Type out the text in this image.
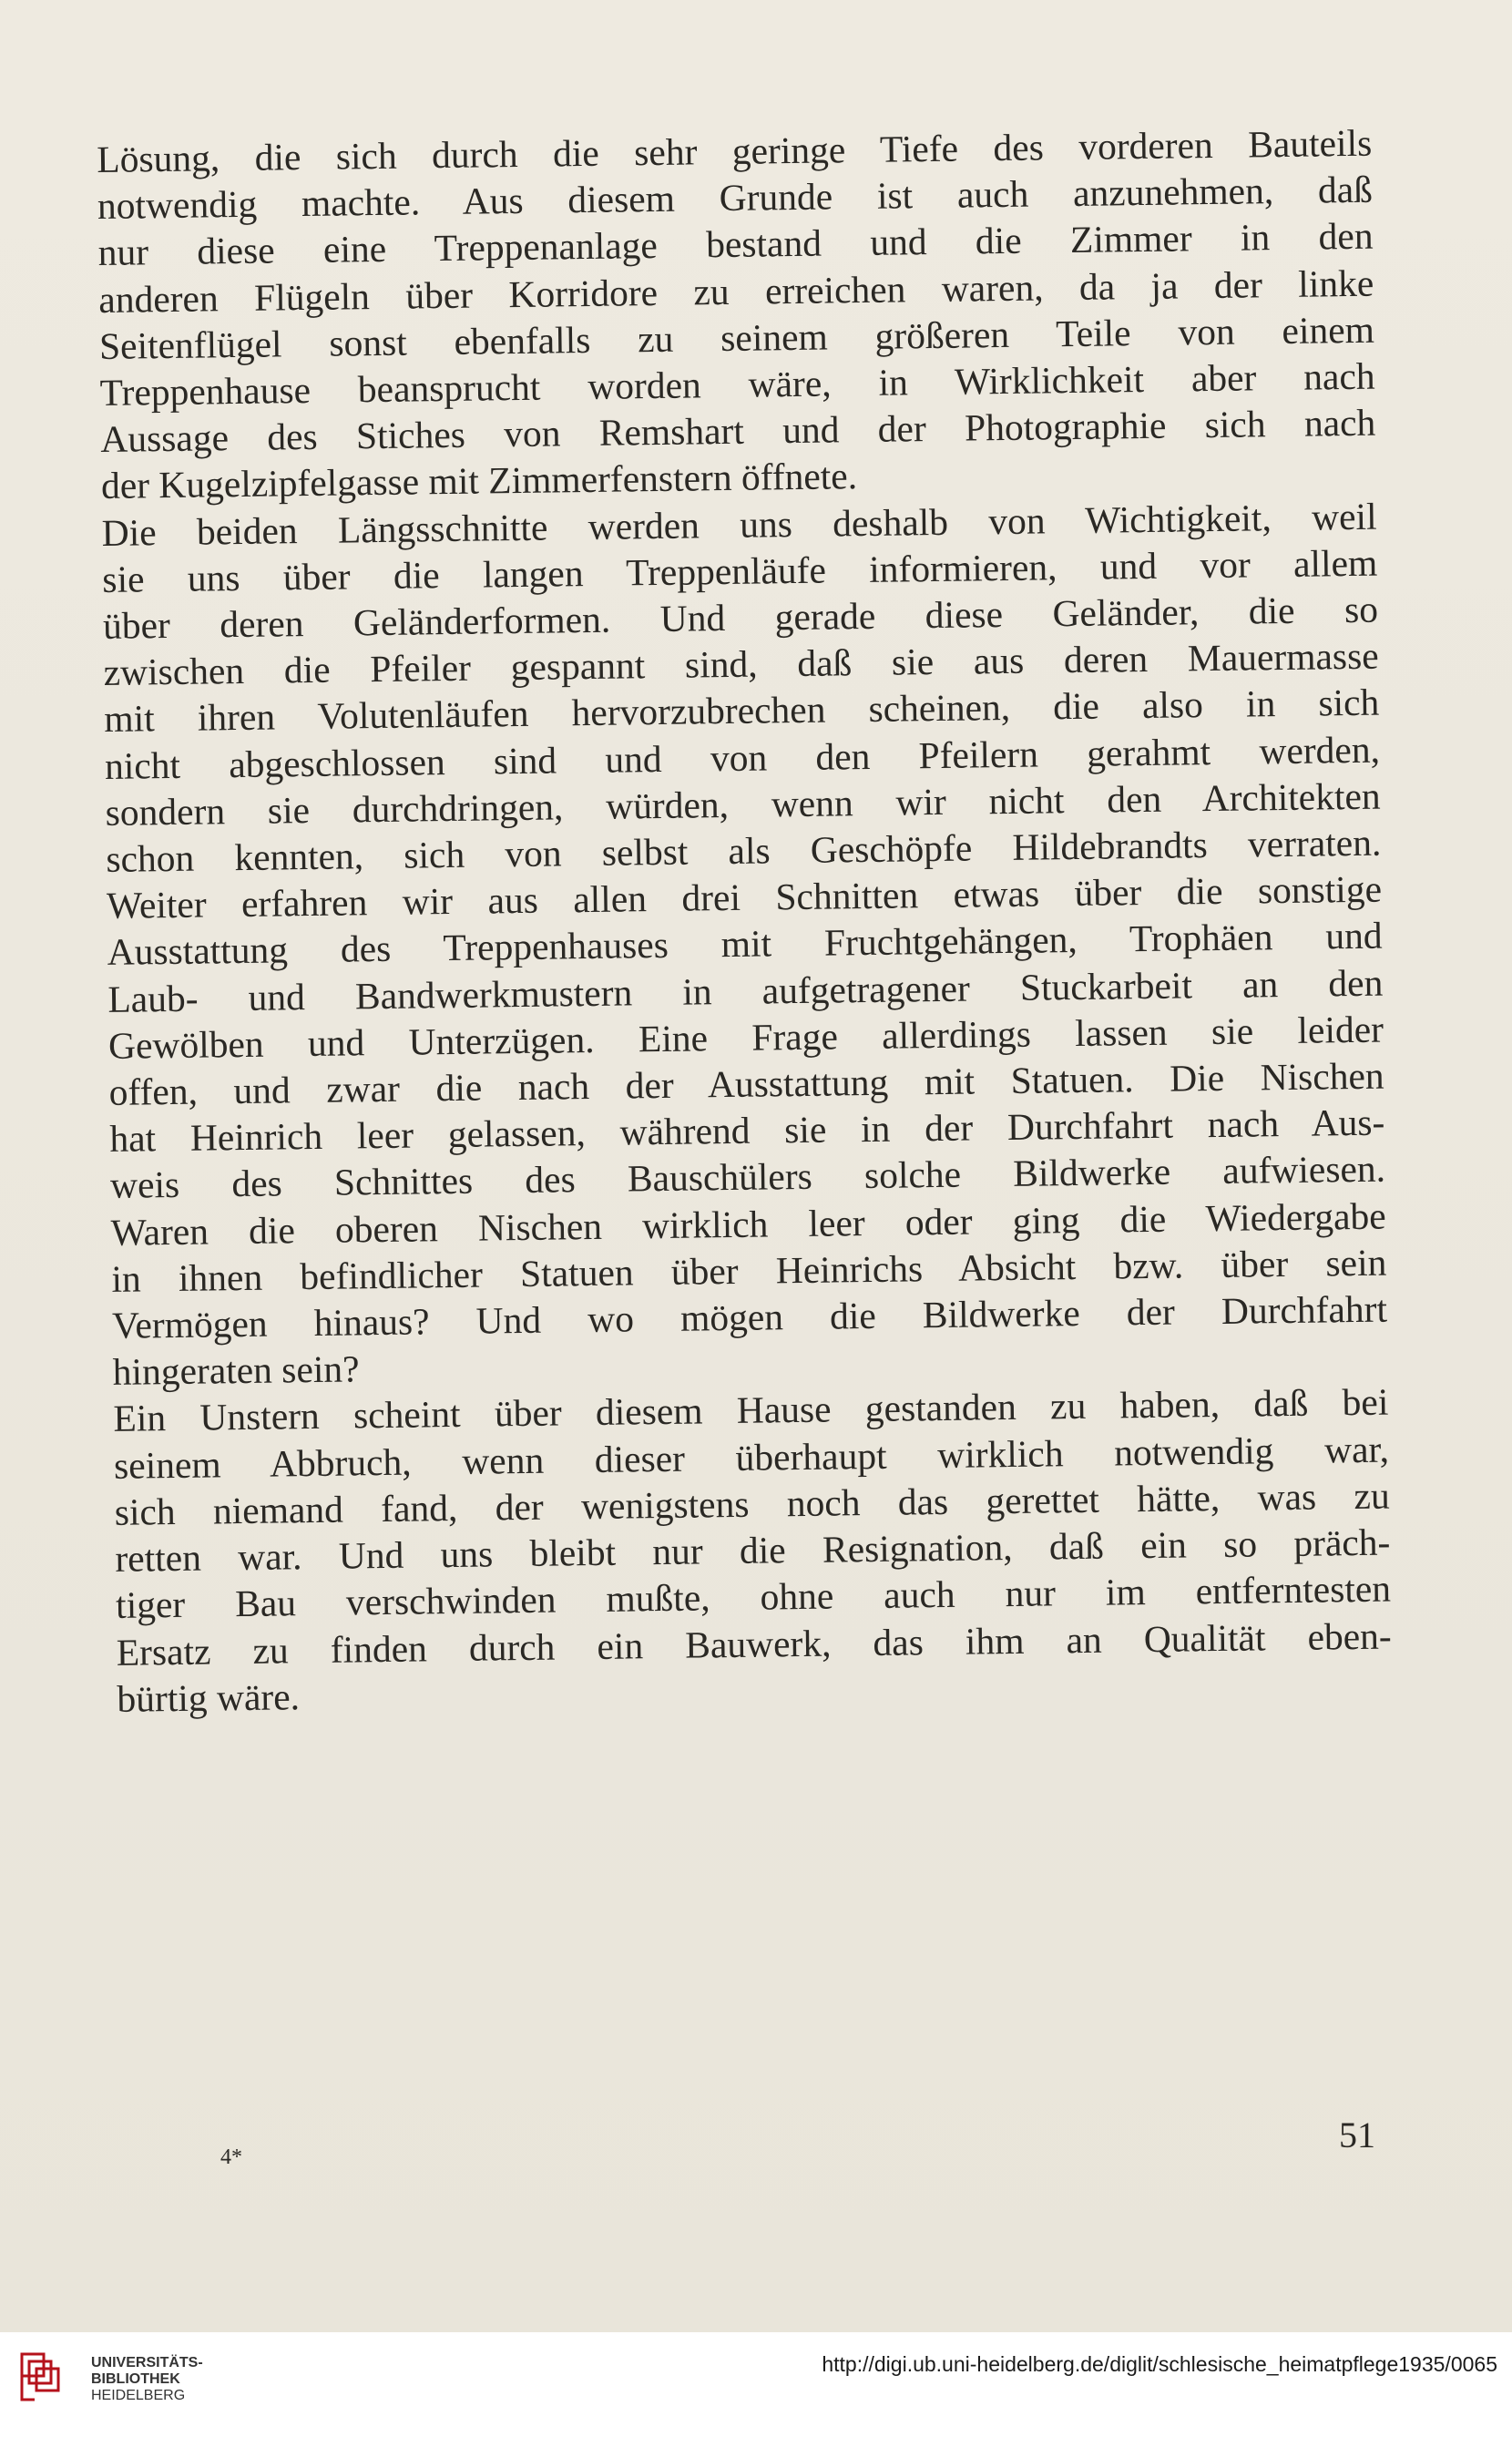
Lösung, die sich durch die sehr geringe Tiefe des vorderen Bauteils
notwendig machte. Aus diesem Grunde ist auch anzunehmen, daß
nur diese eine Treppenanlage bestand und die Zimmer in den
anderen Flügeln über Korridore zu erreichen waren, da ja der linke
Seitenflügel sonst ebenfalls zu seinem größeren Teile von einem
Treppenhause beansprucht worden wäre, in Wirklichkeit aber nach
Aussage des Stiches von Remshart und der Photographie sich nach
der Kugelzipfelgasse mit Zimmerfenstern öffnete.
Die beiden Längsschnitte werden uns deshalb von Wichtigkeit, weil
sie uns über die langen Treppenläufe informieren, und vor allem
über deren Geländerformen. Und gerade diese Geländer, die so
zwischen die Pfeiler gespannt sind, daß sie aus deren Mauermasse
mit ihren Volutenläufen hervorzubrechen scheinen, die also in sich
nicht abgeschlossen sind und von den Pfeilern gerahmt werden,
sondern sie durchdringen, würden, wenn wir nicht den Architekten
schon kennten, sich von selbst als Geschöpfe Hildebrandts verraten.
Weiter erfahren wir aus allen drei Schnitten etwas über die sonstige
Ausstattung des Treppenhauses mit Fruchtgehängen, Trophäen und
Laub- und Bandwerkmustern in aufgetragener Stuckarbeit an den
Gewölben und Unterzügen. Eine Frage allerdings lassen sie leider
offen, und zwar die nach der Ausstattung mit Statuen. Die Nischen
hat Heinrich leer gelassen, während sie in der Durchfahrt nach Aus-
weis des Schnittes des Bauschülers solche Bildwerke aufwiesen.
Waren die oberen Nischen wirklich leer oder ging die Wiedergabe
in ihnen befindlicher Statuen über Heinrichs Absicht bzw. über sein
Vermögen hinaus? Und wo mögen die Bildwerke der Durchfahrt
hingeraten sein?
Ein Unstern scheint über diesem Hause gestanden zu haben, daß bei
seinem Abbruch, wenn dieser überhaupt wirklich notwendig war,
sich niemand fand, der wenigstens noch das gerettet hätte, was zu
retten war. Und uns bleibt nur die Resignation, daß ein so präch-
tiger Bau verschwinden mußte, ohne auch nur im entferntesten
Ersatz zu finden durch ein Bauwerk, das ihm an Qualität eben-
bürtig wäre.
51
4*
UNIVERSITÄTS-
BIBLIOTHEK
HEIDELBERG
http://digi.ub.uni-heidelberg.de/diglit/schlesische_heimatpflege1935/0065
